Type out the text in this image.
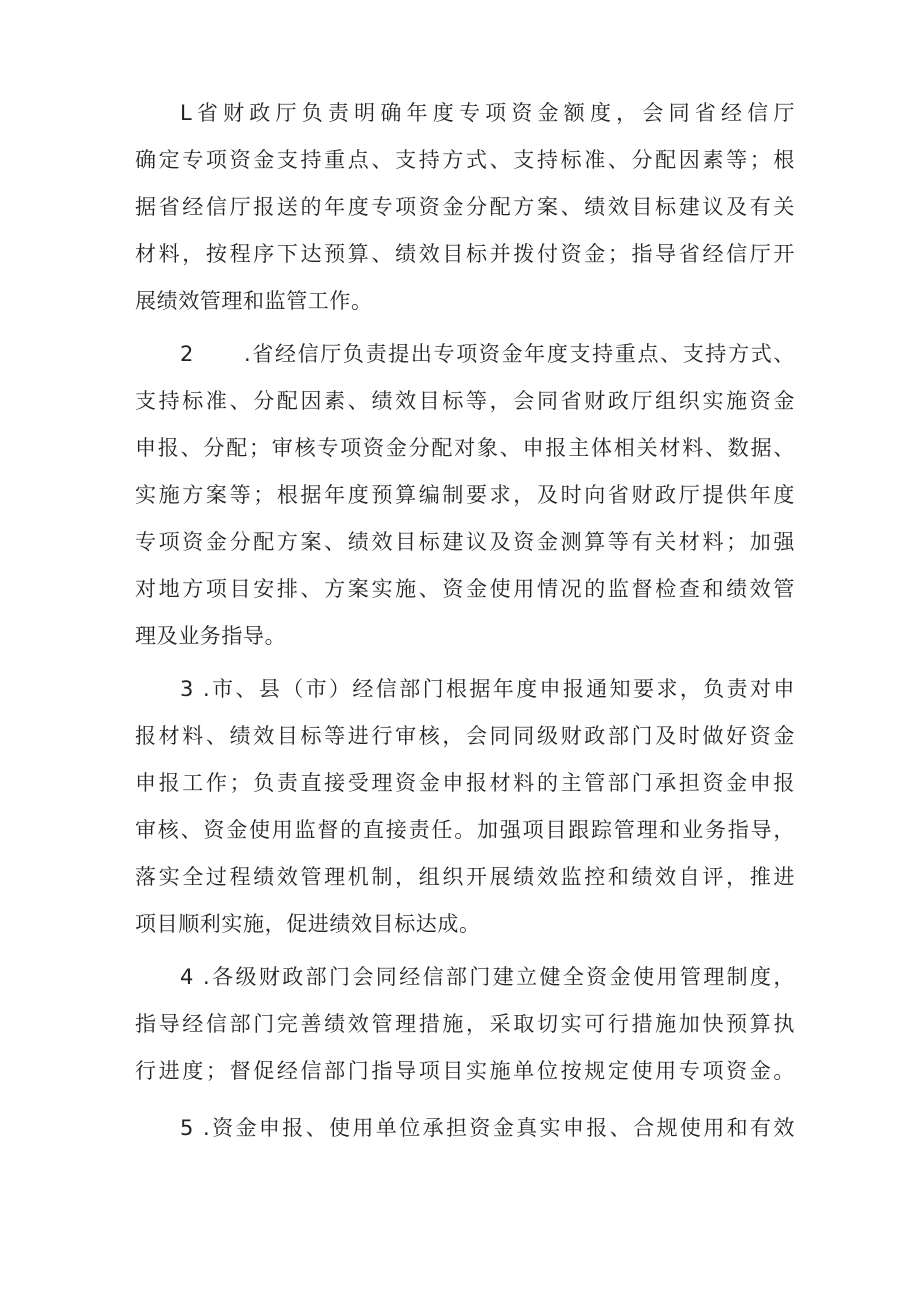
L省财政厅负责明确年度专项资金额度，会同省经信厅

确定专项资金支持重点、支持方式、支持标准、分配因素等；根

据省经信厅报送的年度专项资金分配方案、绩效目标建议及有关

材料，按程序下达预算、绩效目标并拨付资金；指导省经信厅开

展绩效管理和监管工作。

2      .省经信厅负责提出专项资金年度支持重点、支持方式、

支持标准、分配因素、绩效目标等，会同省财政厅组织实施资金

申报、分配；审核专项资金分配对象、申报主体相关材料、数据、

实施方案等；根据年度预算编制要求，及时向省财政厅提供年度

专项资金分配方案、绩效目标建议及资金测算等有关材料；加强

对地方项目安排、方案实施、资金使用情况的监督检查和绩效管

理及业务指导。

3 .市、县（市）经信部门根据年度申报通知要求，负责对申

报材料、绩效目标等进行审核，会同同级财政部门及时做好资金

申报工作；负责直接受理资金申报材料的主管部门承担资金申报

审核、资金使用监督的直接责任。加强项目跟踪管理和业务指导，

落实全过程绩效管理机制，组织开展绩效监控和绩效自评，推进

项目顺利实施，促进绩效目标达成。

4 .各级财政部门会同经信部门建立健全资金使用管理制度，

指导经信部门完善绩效管理措施，采取切实可行措施加快预算执

行进度；督促经信部门指导项目实施单位按规定使用专项资金。

5 .资金申报、使用单位承担资金真实申报、合规使用和有效
